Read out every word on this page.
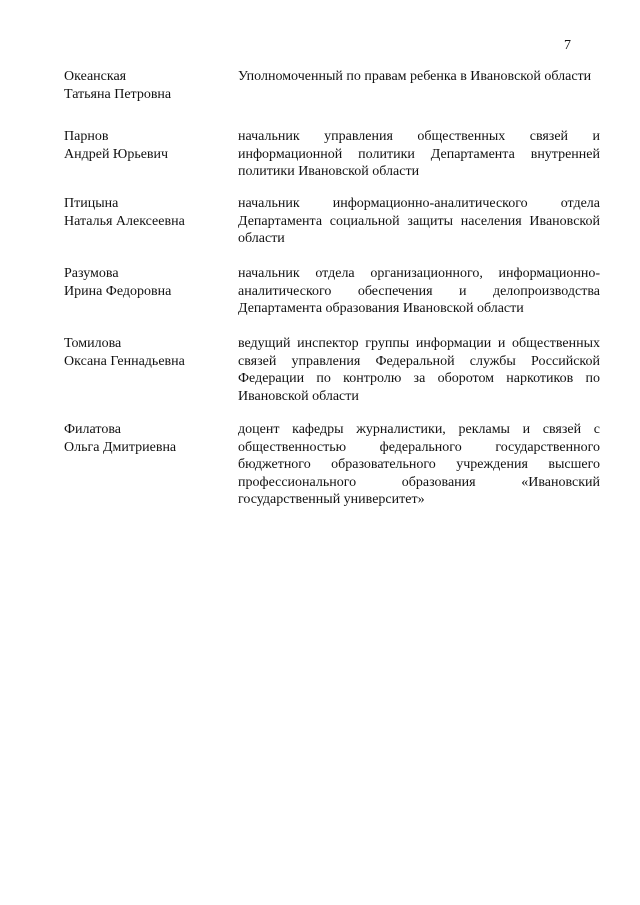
7
Океанская
Татьяна Петровна
Уполномоченный по правам ребенка в Ивановской области
Парнов
Андрей Юрьевич
начальник управления общественных связей и информационной политики Департамента внутренней политики Ивановской области
Птицына
Наталья Алексеевна
начальник информационно-аналитического отдела Департамента социальной защиты населения Ивановской области
Разумова
Ирина Федоровна
начальник отдела организационного, информационно-аналитического обеспечения и делопроизводства Департамента образования Ивановской области
Томилова
Оксана Геннадьевна
ведущий инспектор группы информации и общественных связей управления Федеральной службы Российской Федерации по контролю за оборотом наркотиков по Ивановской области
Филатова
Ольга Дмитриевна
доцент кафедры журналистики, рекламы и связей с общественностью федерального государственного бюджетного образовательного учреждения высшего профессионального образования «Ивановский государственный университет»
